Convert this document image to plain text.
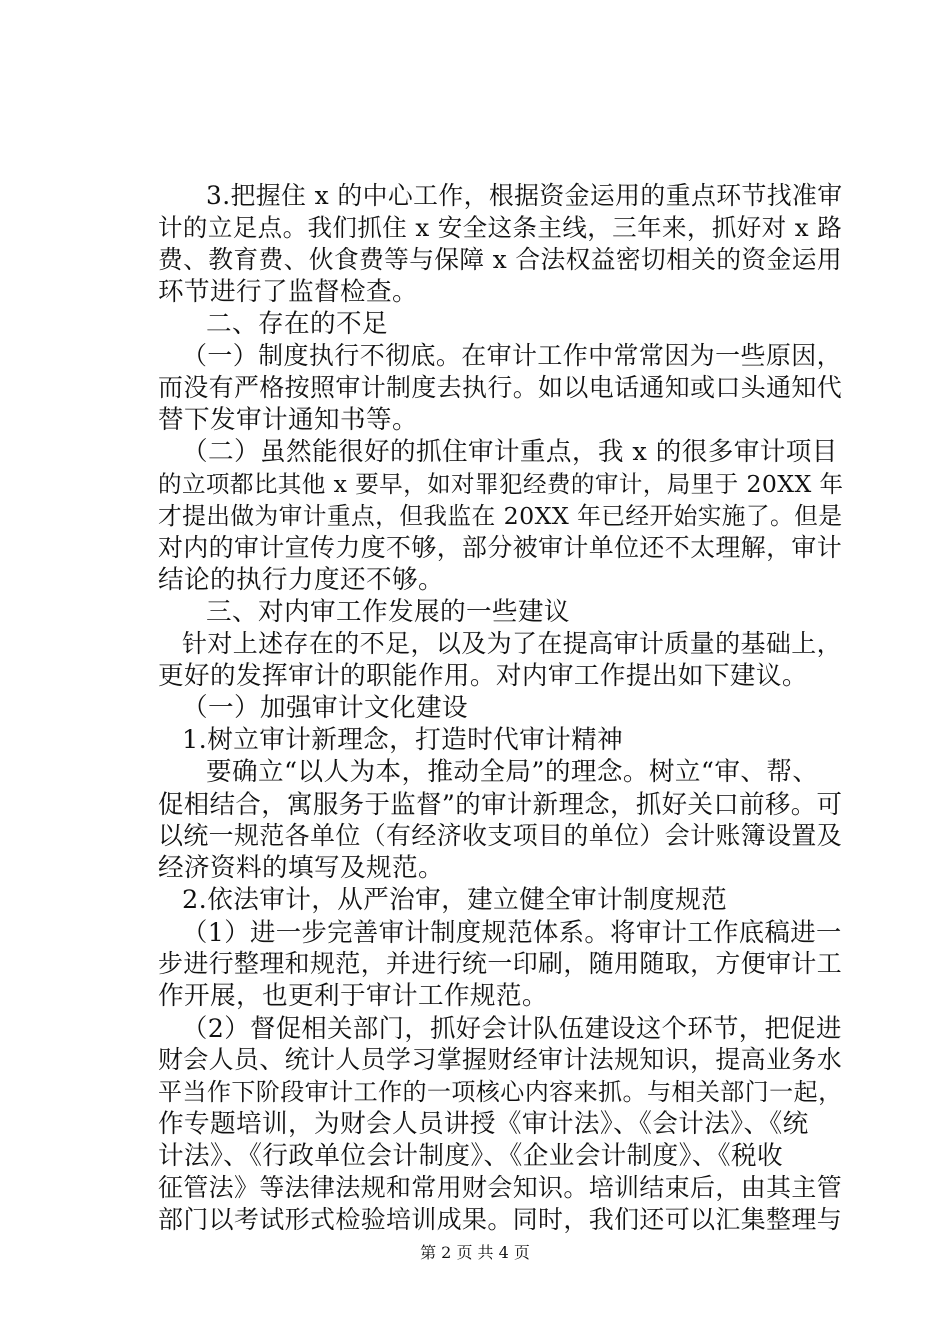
3.把握住 x 的中心工作，根据资金运用的重点环节找准审
计的立足点。我们抓住 x 安全这条主线，三年来，抓好对 x 路
费、教育费、伙食费等与保障 x 合法权益密切相关的资金运用
环节进行了监督检查。
二、存在的不足
（一）制度执行不彻底。在审计工作中常常因为一些原因，
而没有严格按照审计制度去执行。如以电话通知或口头通知代
替下发审计通知书等。
（二）虽然能很好的抓住审计重点，我 x 的很多审计项目
的立项都比其他 x 要早，如对罪犯经费的审计，局里于 20XX 年
才提出做为审计重点，但我监在 20XX 年已经开始实施了。但是
对内的审计宣传力度不够，部分被审计单位还不太理解，审计
结论的执行力度还不够。
三、对内审工作发展的一些建议
针对上述存在的不足，以及为了在提高审计质量的基础上，
更好的发挥审计的职能作用。对内审工作提出如下建议。
（一）加强审计文化建设
1.树立审计新理念，打造时代审计精神
要确立“以人为本，推动全局”的理念。树立“审、帮、
促相结合，寓服务于监督”的审计新理念，抓好关口前移。可
以统一规范各单位（有经济收支项目的单位）会计账簿设置及
经济资料的填写及规范。
2.依法审计，从严治审，建立健全审计制度规范
（1）进一步完善审计制度规范体系。将审计工作底稿进一
步进行整理和规范，并进行统一印刷，随用随取，方便审计工
作开展，也更利于审计工作规范。
（2）督促相关部门，抓好会计队伍建设这个环节，把促进
财会人员、统计人员学习掌握财经审计法规知识，提高业务水
平当作下阶段审计工作的一项核心内容来抓。与相关部门一起，
作专题培训，为财会人员讲授《审计法》、《会计法》、《统
计法》、《行政单位会计制度》、《企业会计制度》、《税收
征管法》等法律法规和常用财会知识。培训结束后，由其主管
部门以考试形式检验培训成果。同时，我们还可以汇集整理与
第 2 页 共 4 页
